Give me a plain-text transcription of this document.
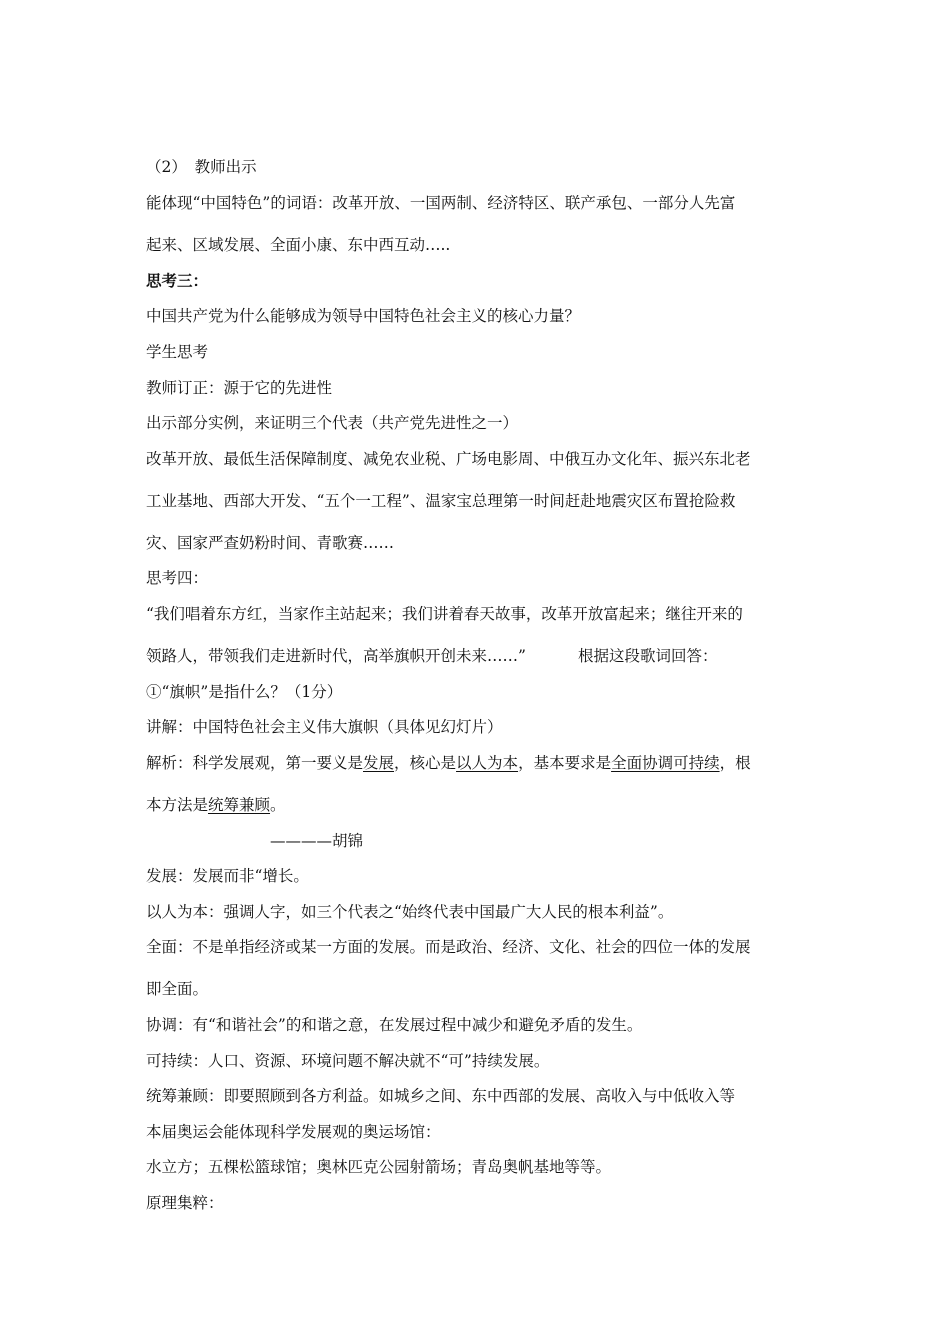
（2）　教师出示
能体现“中国特色”的词语：改革开放、一国两制、经济特区、联产承包、一部分人先富
起来、区域发展、全面小康、东中西互动…..
思考三：
中国共产党为什么能够成为领导中国特色社会主义的核心力量？
学生思考
教师订正：源于它的先进性
出示部分实例，来证明三个代表（共产党先进性之一）
改革开放、最低生活保障制度、减免农业税、广场电影周、中俄互办文化年、振兴东北老
工业基地、西部大开发、“五个一工程”、温家宝总理第一时间赶赴地震灾区布置抢险救
灾、国家严查奶粉时间、青歌赛……
思考四：
“我们唱着东方红，当家作主站起来；我们讲着春天故事，改革开放富起来；继往开来的
领路人，带领我们走进新时代，高举旗帜开创未来……”	根据这段歌词回答：
①“旗帜”是指什么？（1分）
讲解：中国特色社会主义伟大旗帜（具体见幻灯片）
解析：科学发展观，第一要义是发展，核心是以人为本，基本要求是全面协调可持续，根
本方法是统筹兼顾。
————胡锦
发展：发展而非“增长。
以人为本：强调人字，如三个代表之“始终代表中国最广大人民的根本利益”。
全面：不是单指经济或某一方面的发展。而是政治、经济、文化、社会的四位一体的发展
即全面。
协调：有“和谐社会”的和谐之意，在发展过程中减少和避免矛盾的发生。
可持续：人口、资源、环境问题不解决就不“可”持续发展。
统筹兼顾：即要照顾到各方利益。如城乡之间、东中西部的发展、高收入与中低收入等
本届奥运会能体现科学发展观的奥运场馆：
水立方；五棵松篮球馆；奥林匹克公园射箭场；青岛奥帆基地等等。
原理集粹：
